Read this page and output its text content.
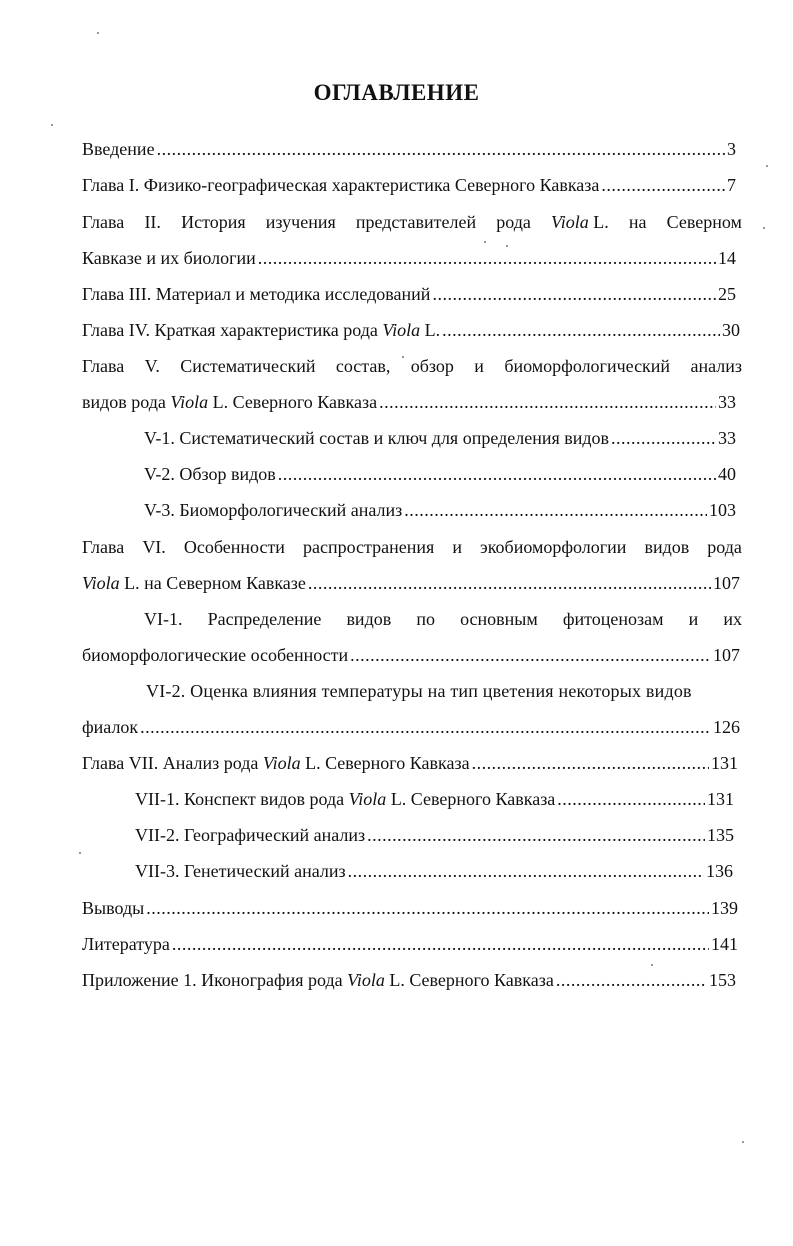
ОГЛАВЛЕНИЕ
Введение .....	3
Глава I. Физико-географическая характеристика Северного Кавказа .....	7
Глава II. История изучения представителей рода Viola L. на Северном
Кавказе и их биологии .....	14
Глава III. Материал и методика исследований .....	25
Глава IV. Краткая характеристика рода Viola L. .....	30
Глава V. Систематический состав, обзор и биоморфологический анализ
видов рода Viola L. Северного Кавказа .....	33
V-1. Систематический состав и ключ для определения видов .....	33
V-2. Обзор видов .....	40
V-3. Биоморфологический анализ .....	103
Глава VI. Особенности распространения и экобиоморфологии видов рода
Viola L. на Северном Кавказе .....	107
VI-1. Распределение видов по основным фитоценозам и их
биоморфологические особенности .....	107
VI-2. Оценка влияния температуры на тип цветения некоторых видов
фиалок .....	126
Глава VII. Анализ рода Viola L. Северного Кавказа .....	131
VII-1. Конспект видов рода Viola L. Северного Кавказа .....	131
VII-2. Географический анализ .....	135
VII-3. Генетический анализ .....	136
Выводы .....	139
Литература .....	141
Приложение 1. Иконография рода Viola L. Северного Кавказа .....	153
